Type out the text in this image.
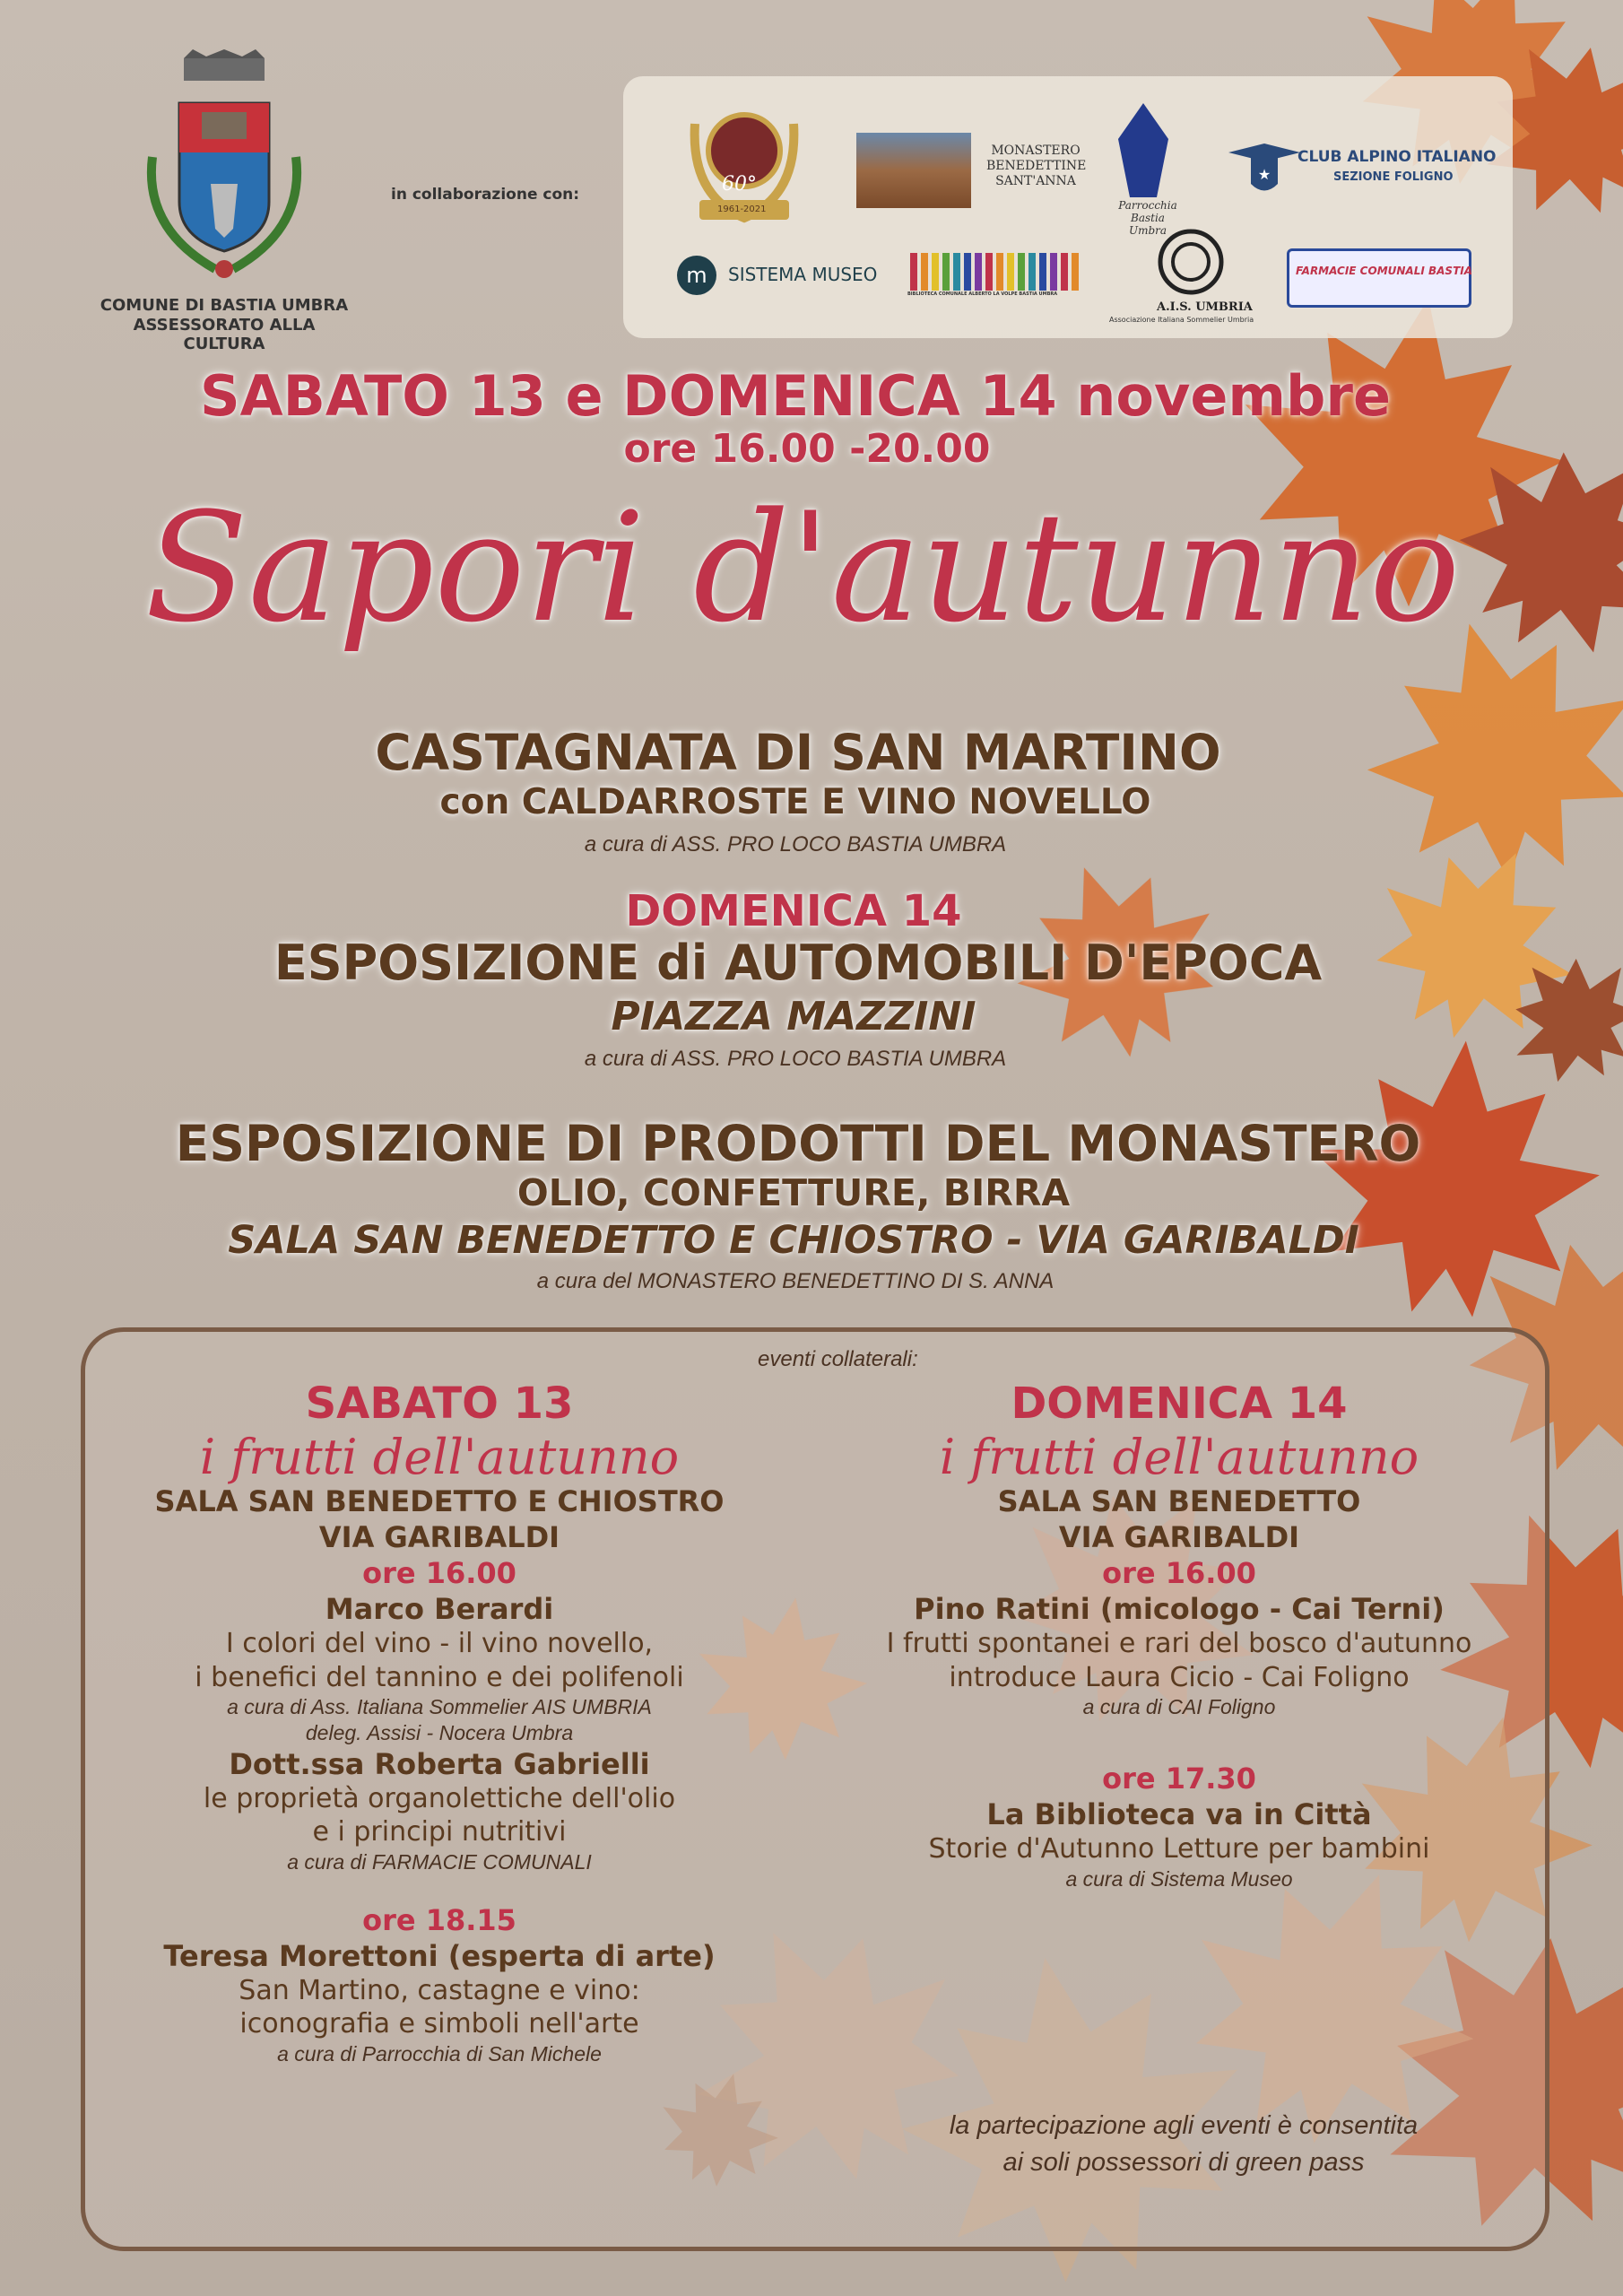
COMUNE DI BASTIA UMBRA
ASSESSORATO ALLA CULTURA
in collaborazione con:	60°
1961-2021
MONASTERO BENEDETTINE SANT'ANNA
Parrocchia Bastia Umbra
★
CLUB ALPINO ITALIANO
SEZIONE FOLIGNO
m	SISTEMA MUSEO
BIBLIOTECA COMUNALE ALBERTO LA VOLPE BASTIA UMBRA
A.I.S. UMBRIA
Associazione Italiana Sommelier Umbria
FARMACIE COMUNALI BASTIA
SABATO 13 e DOMENICA 14 novembre
ore 16.00 -20.00
Sapori d'autunno
CASTAGNATA DI SAN MARTINO
con CALDARROSTE E VINO NOVELLO
a cura di ASS. PRO LOCO BASTIA UMBRA
DOMENICA 14
ESPOSIZIONE di AUTOMOBILI D'EPOCA
PIAZZA MAZZINI
a cura di ASS. PRO LOCO BASTIA UMBRA
ESPOSIZIONE DI PRODOTTI DEL MONASTERO
OLIO, CONFETTURE, BIRRA
SALA SAN BENEDETTO E CHIOSTRO - VIA GARIBALDI
a cura del MONASTERO BENEDETTINO DI S. ANNA
eventi collaterali:
SABATO 13
i frutti dell'autunno
SALA SAN BENEDETTO E CHIOSTRO
VIA GARIBALDI
ore 16.00
Marco Berardi
I colori del vino - il vino novello,
i benefici del tannino e dei polifenoli
a cura di Ass. Italiana Sommelier AIS UMBRIA
deleg. Assisi - Nocera Umbra
Dott.ssa Roberta Gabrielli
le proprietà organolettiche dell'olio
e i principi nutritivi
a cura di FARMACIE COMUNALI
ore 18.15
Teresa Morettoni (esperta di arte)
San Martino, castagne e vino:
iconografia e simboli nell'arte
a cura di Parrocchia di San Michele
DOMENICA 14
i frutti dell'autunno
SALA SAN BENEDETTO
VIA GARIBALDI
ore 16.00
Pino Ratini (micologo - Cai Terni)
I frutti spontanei e rari del bosco d'autunno
introduce Laura Cicio - Cai Foligno
a cura di CAI Foligno
ore 17.30
La Biblioteca va in Città
Storie d'Autunno Letture per bambini
a cura di Sistema Museo
la partecipazione agli eventi è consentita
ai soli possessori di green pass
